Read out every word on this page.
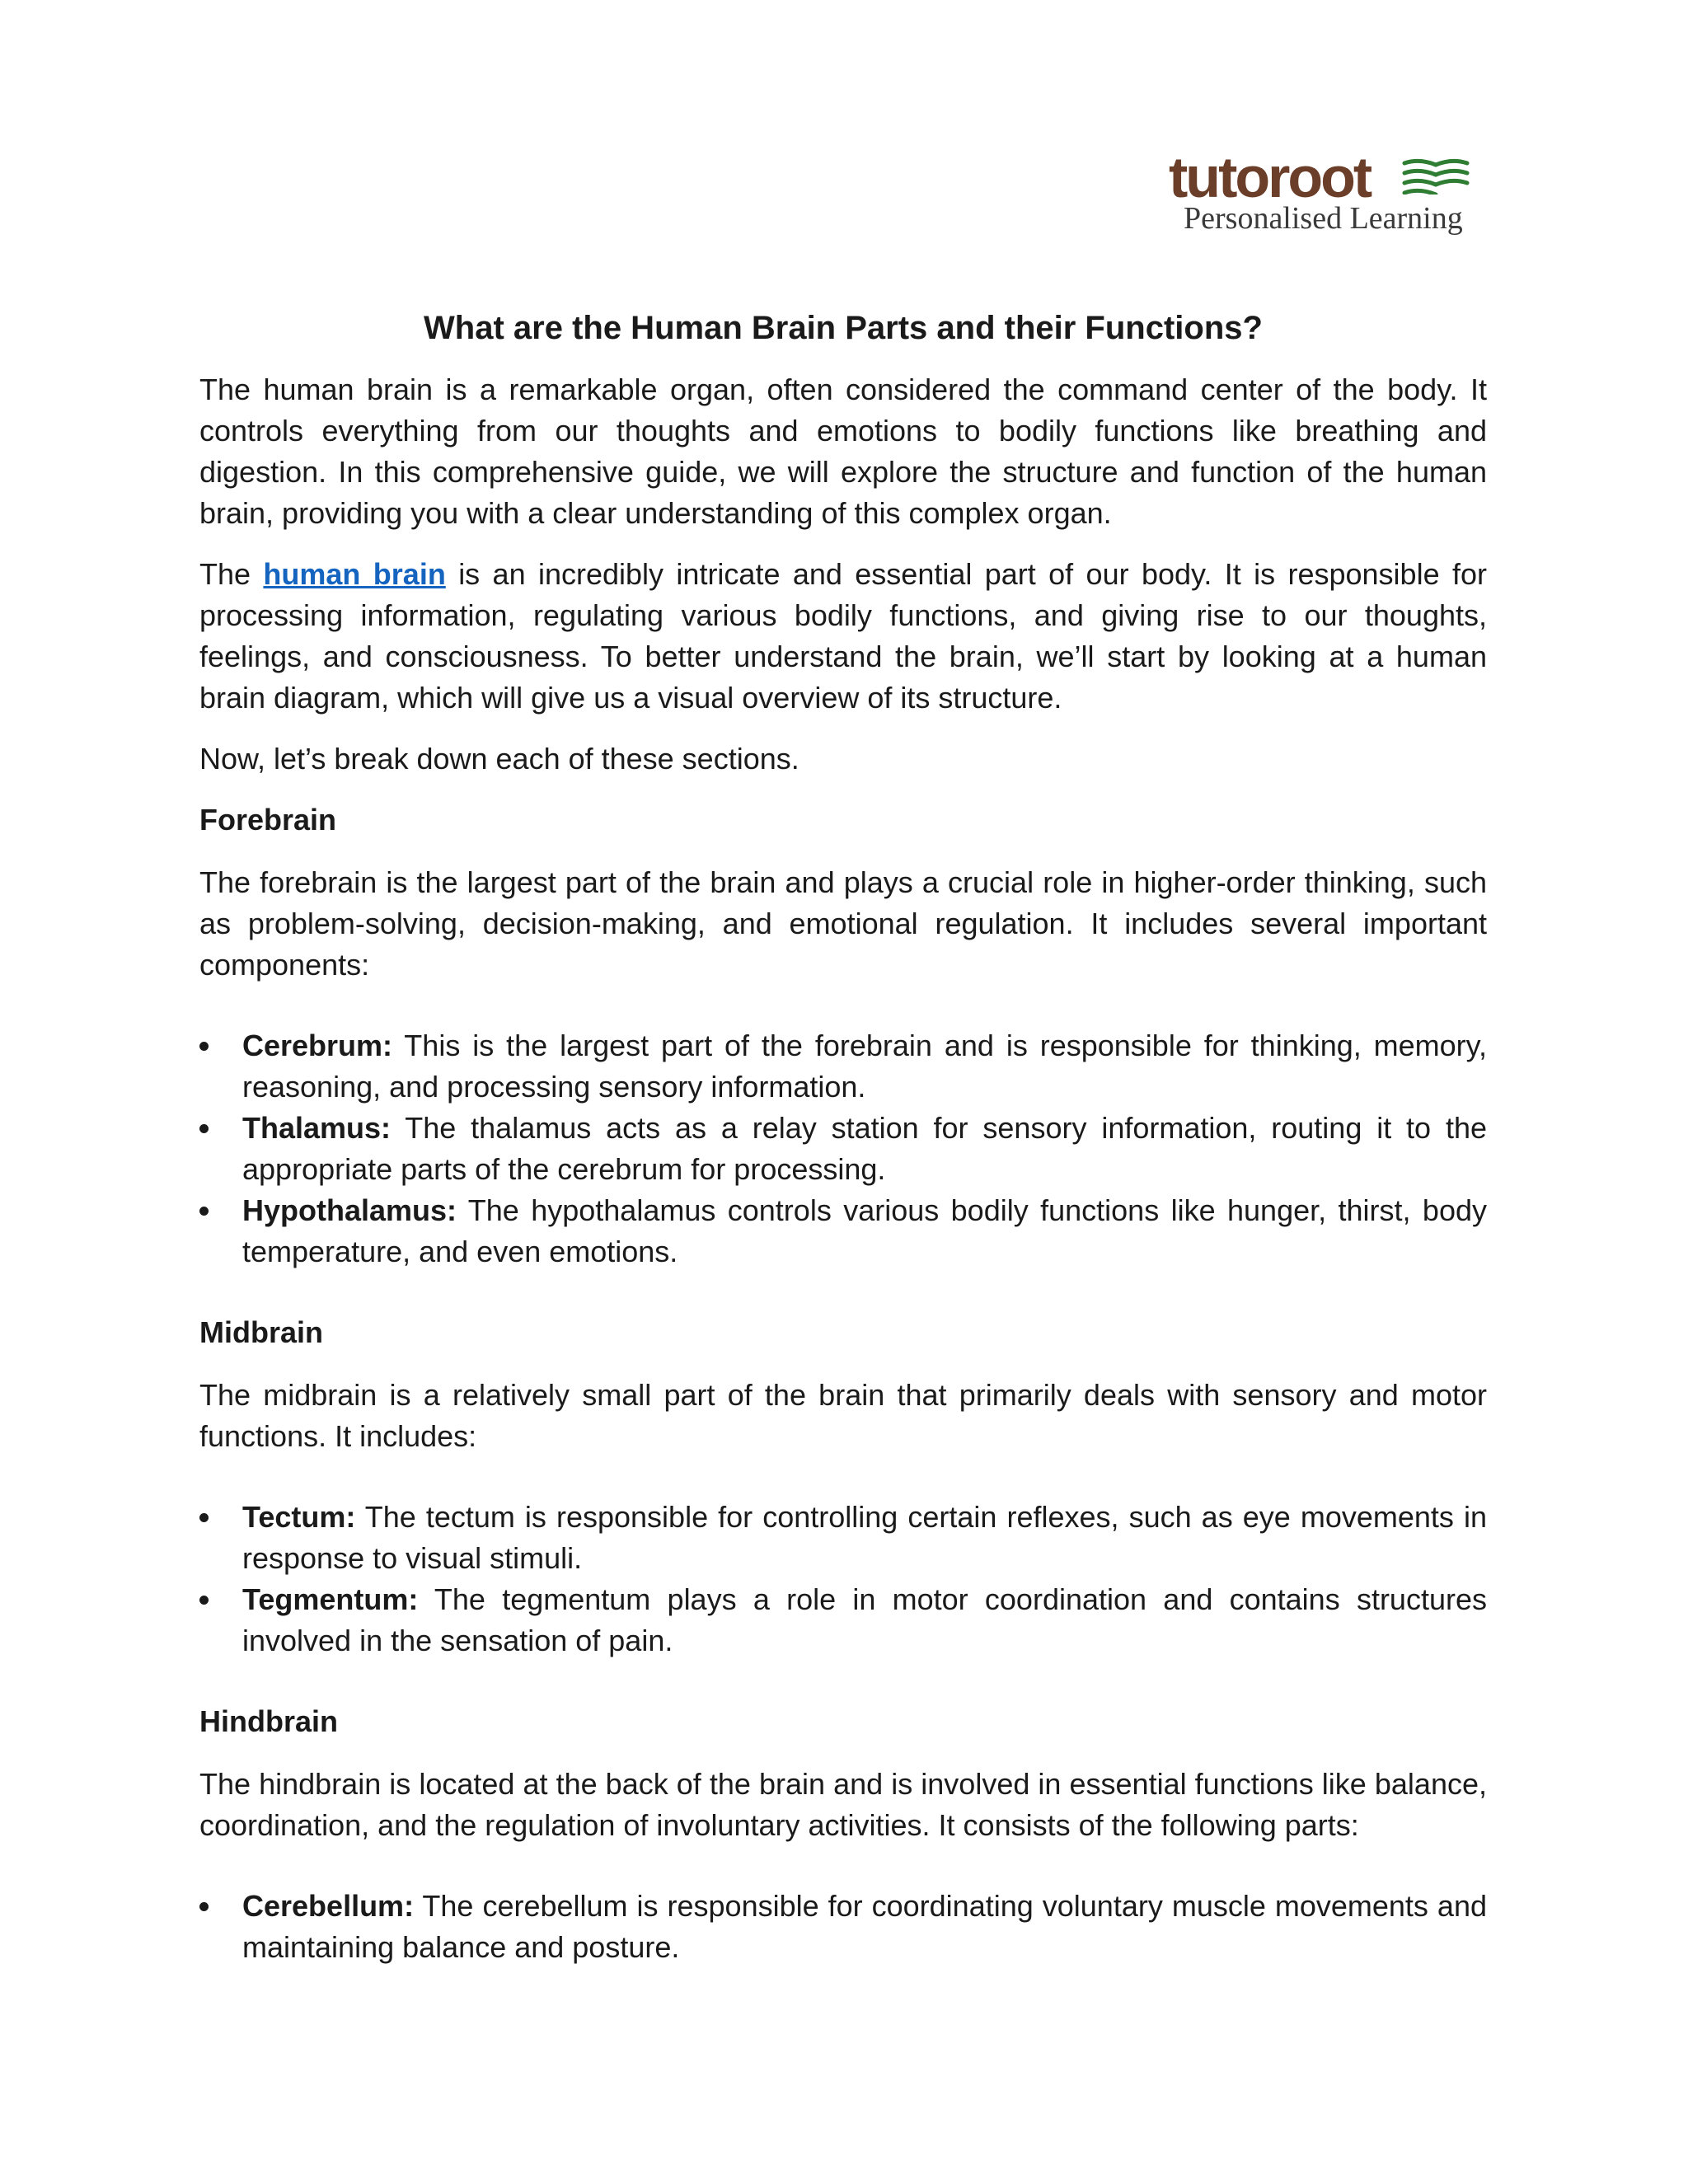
tutoroot
Personalised Learning
What are the Human Brain Parts and their Functions?

The human brain is a remarkable organ, often considered the command center of the body. It controls everything from our thoughts and emotions to bodily functions like breathing and digestion. In this comprehensive guide, we will explore the structure and function of the human brain, providing you with a clear understanding of this complex organ.

The human brain is an incredibly intricate and essential part of our body. It is responsible for processing information, regulating various bodily functions, and giving rise to our thoughts, feelings, and consciousness. To better understand the brain, we’ll start by looking at a human brain diagram, which will give us a visual overview of its structure.

Now, let’s break down each of these sections.

Forebrain

The forebrain is the largest part of the brain and plays a crucial role in higher-order thinking, such as problem-solving, decision-making, and emotional regulation. It includes several important components:

Cerebrum: This is the largest part of the forebrain and is responsible for thinking, memory, reasoning, and processing sensory information.
Thalamus: The thalamus acts as a relay station for sensory information, routing it to the appropriate parts of the cerebrum for processing.
Hypothalamus: The hypothalamus controls various bodily functions like hunger, thirst, body temperature, and even emotions.
Midbrain

The midbrain is a relatively small part of the brain that primarily deals with sensory and motor functions. It includes:

Tectum: The tectum is responsible for controlling certain reflexes, such as eye movements in response to visual stimuli.
Tegmentum: The tegmentum plays a role in motor coordination and contains structures involved in the sensation of pain.
Hindbrain

The hindbrain is located at the back of the brain and is involved in essential functions like balance, coordination, and the regulation of involuntary activities. It consists of the following parts:

Cerebellum: The cerebellum is responsible for coordinating voluntary muscle movements and maintaining balance and posture.
